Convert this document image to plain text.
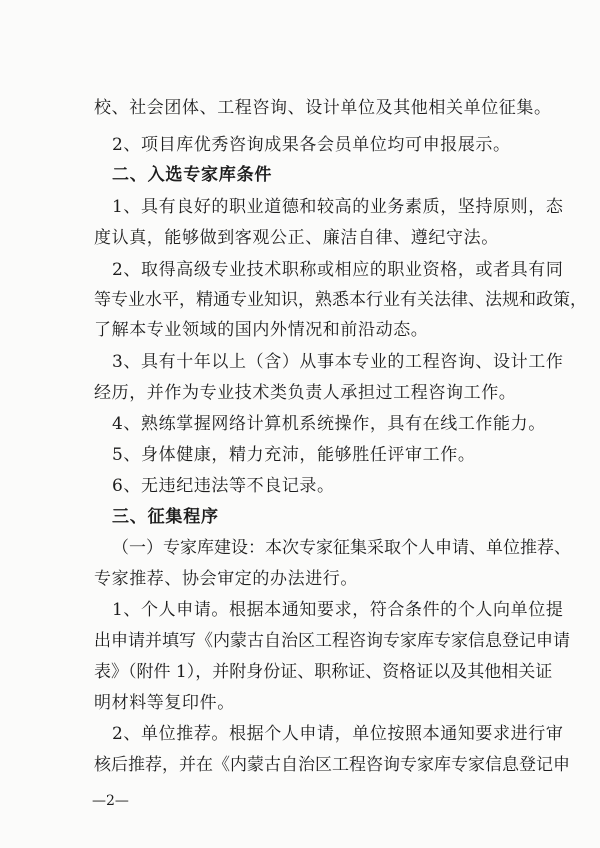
校、社会团体、工程咨询、设计单位及其他相关单位征集。
2、项目库优秀咨询成果各会员单位均可申报展示。
二、入选专家库条件
1、具有良好的职业道德和较高的业务素质，坚持原则，态
度认真，能够做到客观公正、廉洁自律、遵纪守法。
2、取得高级专业技术职称或相应的职业资格，或者具有同
等专业水平，精通专业知识，熟悉本行业有关法律、法规和政策，
了解本专业领域的国内外情况和前沿动态。
3、具有十年以上（含）从事本专业的工程咨询、设计工作
经历，并作为专业技术类负责人承担过工程咨询工作。
4、熟练掌握网络计算机系统操作，具有在线工作能力。
5、身体健康，精力充沛，能够胜任评审工作。
6、无违纪违法等不良记录。
三、征集程序
（一）专家库建设：本次专家征集采取个人申请、单位推荐、
专家推荐、协会审定的办法进行。
1、个人申请。根据本通知要求，符合条件的个人向单位提
出申请并填写《内蒙古自治区工程咨询专家库专家信息登记申请
表》（附件 1），并附身份证、职称证、资格证以及其他相关证
明材料等复印件。
2、单位推荐。根据个人申请，单位按照本通知要求进行审
核后推荐，并在《内蒙古自治区工程咨询专家库专家信息登记申
—2—
